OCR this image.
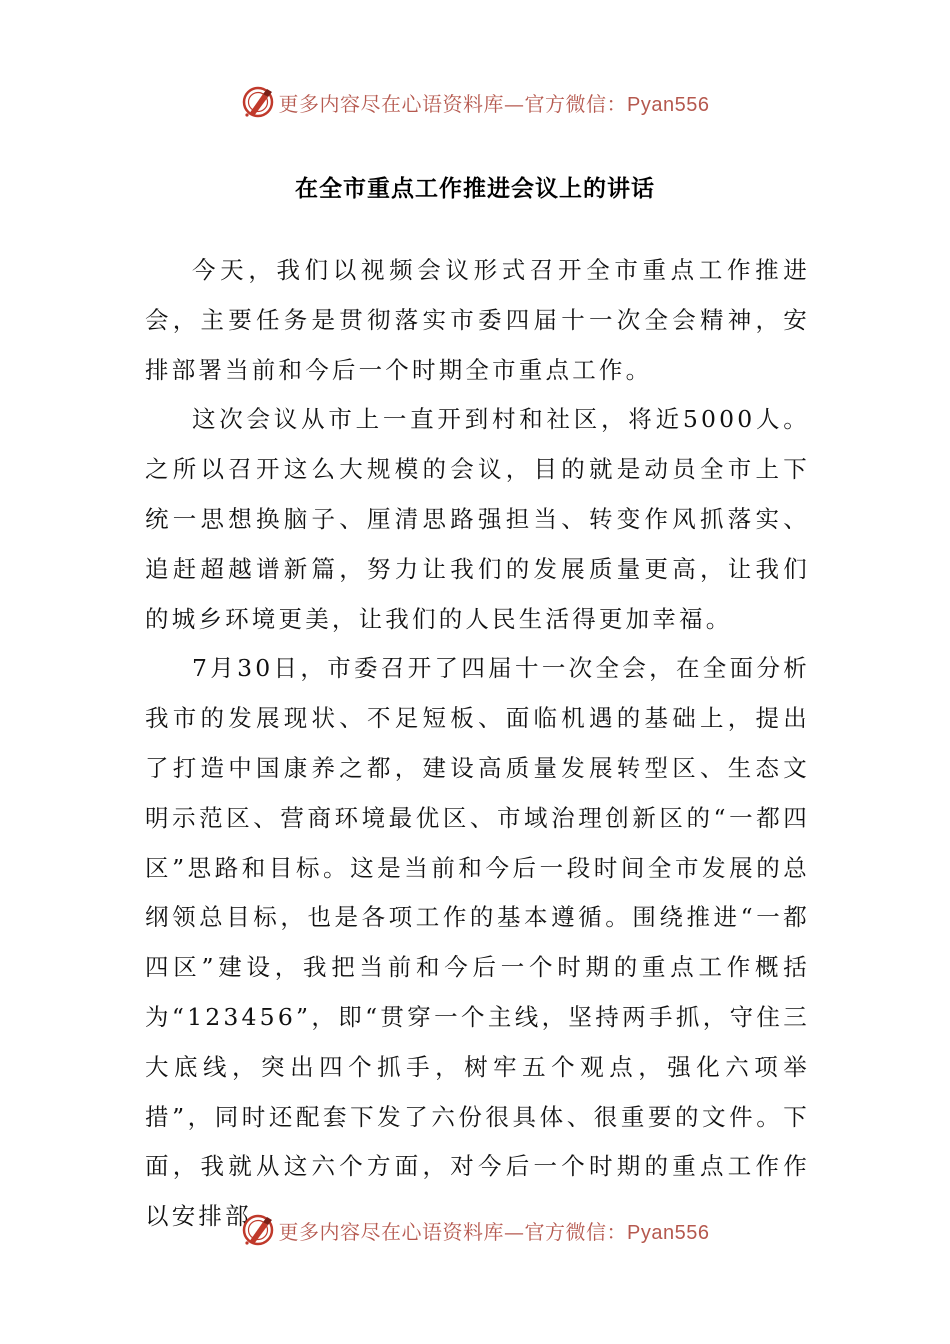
更多内容尽在心语资料库—官方微信：Pyan556
在全市重点工作推进会议上的讲话

今天，我们以视频会议形式召开全市重点工作推进会，主要任务是贯彻落实市委四届十一次全会精神，安排部署当前和今后一个时期全市重点工作。

这次会议从市上一直开到村和社区，将近5000人。之所以召开这么大规模的会议，目的就是动员全市上下统一思想换脑子、厘清思路强担当、转变作风抓落实、追赶超越谱新篇，努力让我们的发展质量更高，让我们的城乡环境更美，让我们的人民生活得更加幸福。

7月30日，市委召开了四届十一次全会，在全面分析我市的发展现状、不足短板、面临机遇的基础上，提出了打造中国康养之都，建设高质量发展转型区、生态文明示范区、营商环境最优区、市域治理创新区的“一都四区”思路和目标。这是当前和今后一段时间全市发展的总纲领总目标，也是各项工作的基本遵循。围绕推进“一都四区”建设，我把当前和今后一个时期的重点工作概括为“123456”，即“贯穿一个主线，坚持两手抓，守住三大底线，突出四个抓手，树牢五个观点，强化六项举措”，同时还配套下发了六份很具体、很重要的文件。下面，我就从这六个方面，对今后一个时期的重点工作作以安排部

更多内容尽在心语资料库—官方微信：Pyan556
